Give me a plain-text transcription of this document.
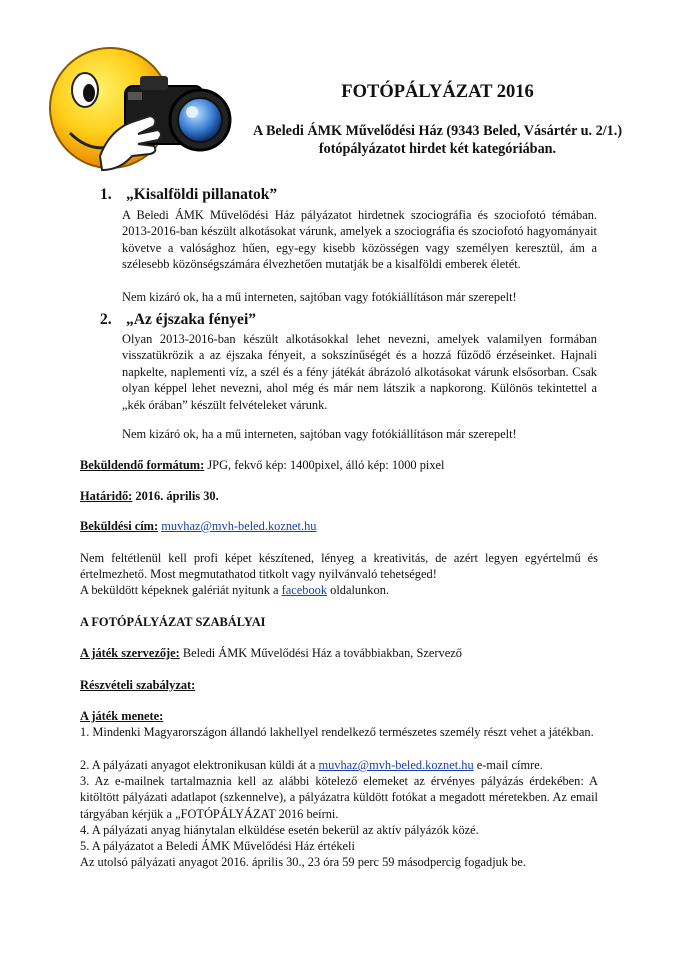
FOTÓPÁLYÁZAT 2016
A Beledi ÁMK Művelődési Ház (9343 Beled, Vásártér u. 2/1.) fotópályázatot hirdet két kategóriában.
1. „Kisalföldi pillanatok”
A Beledi ÁMK Művelődési Ház pályázatot hirdetnek szociográfia és szociofotó témában. 2013-2016-ban készült alkotásokat várunk, amelyek a szociográfia és szociofotó hagyományait követve a valósághoz hűen, egy-egy kisebb közösségen vagy személyen keresztül, ám a szélesebb közönségszámára élvezhetően mutatják be a kisalföldi emberek életét.
Nem kizáró ok, ha a mű interneten, sajtóban vagy fotókiállításon már szerepelt!
2. „Az éjszaka fényei”
Olyan 2013-2016-ban készült alkotásokkal lehet nevezni, amelyek valamilyen formában visszatükrözik a az éjszaka fényeit, a sokszínűségét és a hozzá fűződő érzéseinket. Hajnali napkelte, naplementi víz, a szél és a fény játékát ábrázoló alkotásokat várunk elsősorban. Csak olyan képpel lehet nevezni, ahol még és már nem látszik a napkorong. Különös tekintettel a „kék órában” készült felvételeket várunk.
Nem kizáró ok, ha a mű interneten, sajtóban vagy fotókiállításon már szerepelt!
Beküldendő formátum: JPG, fekvő kép: 1400pixel, álló kép: 1000 pixel
Határidő: 2016. április 30.
Beküldési cím: muvhaz@mvh-beled.koznet.hu
Nem feltétlenül kell profi képet készítened, lényeg a kreativitás, de azért legyen egyértelmű és értelmezhető. Most megmutathatod titkolt vagy nyilvánvaló tehetséged!
A beküldött képeknek galériát nyitunk a facebook oldalunkon.
A FOTÓPÁLYÁZAT SZABÁLYAI
A játék szervezője: Beledi ÁMK Művelődési Ház a továbbiakban, Szervező
Részvételi szabályzat:
A játék menete:
1. Mindenki Magyarországon állandó lakhellyel rendelkező természetes személy részt vehet a játékban.
2. A pályázati anyagot elektronikusan küldi át a muvhaz@mvh-beled.koznet.hu e-mail címre.
3. Az e-mailnek tartalmaznia kell az alábbi kötelező elemeket az érvényes pályázás érdekében: A kitöltött pályázati adatlapot (szkennelve), a pályázatra küldött fotókat a megadott méretekben. Az email tárgyában kérjük a „FOTÓPÁLYÁZAT 2016 beírni.
4. A pályázati anyag hiánytalan elküldése esetén bekerül az aktív pályázók közé.
5. A pályázatot a Beledi ÁMK Művelődési Ház értékeli
Az utolsó pályázati anyagot 2016. április 30., 23 óra 59 perc 59 másodpercig fogadjuk be.
